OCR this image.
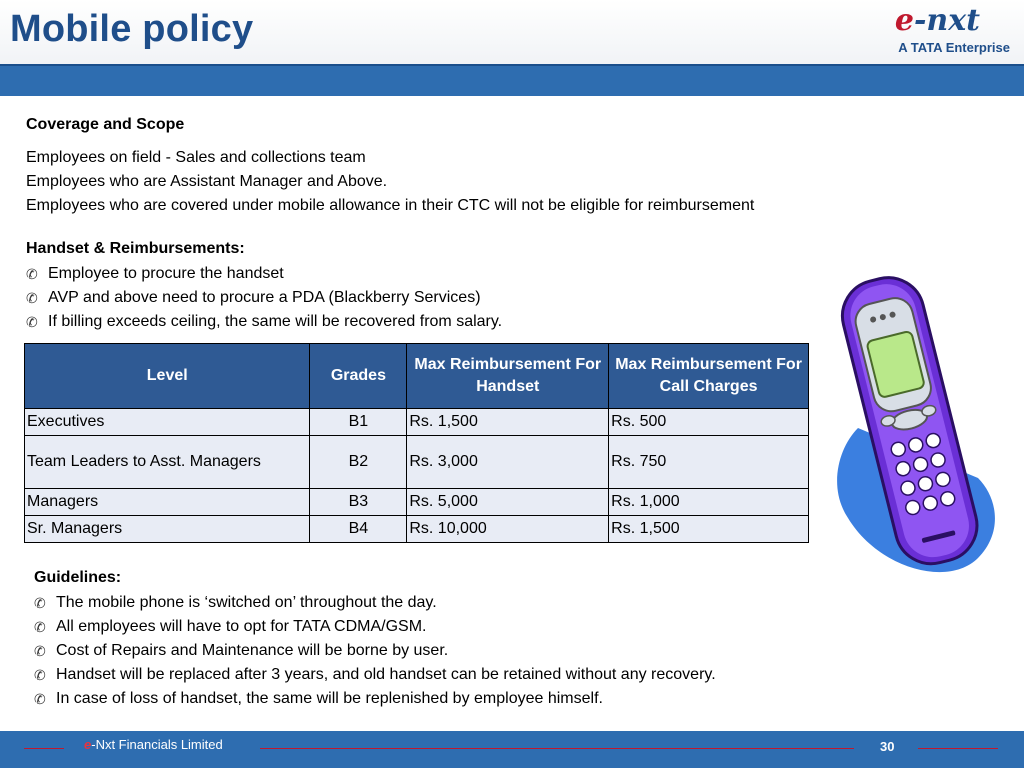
Mobile policy	e-nxt
A TATA Enterprise
Coverage and Scope
Employees on field - Sales and collections team
Employees who are Assistant Manager and Above.
Employees who are covered under mobile allowance in their CTC will not be eligible for reimbursement
Handset & Reimbursements:
✆ Employee to procure the handset
✆ AVP and above need to procure a PDA (Blackberry Services)
✆ If billing exceeds ceiling, the same will be recovered from salary.
Level	Grades	Max Reimbursement For Handset	Max Reimbursement For Call Charges
Executives	B1	Rs. 1,500	Rs. 500
Team Leaders to Asst. Managers	B2	Rs. 3,000	Rs. 750
Managers	B3	Rs. 5,000	Rs. 1,000
Sr. Managers	B4	Rs. 10,000	Rs. 1,500
Guidelines:
✆ The mobile phone is ‘switched on’ throughout the day.
✆ All employees will have to opt for TATA CDMA/GSM.
✆ Cost of Repairs and Maintenance will be borne by user.
✆ Handset will be replaced after 3 years, and old handset can be retained without any recovery.
✆ In case of loss of handset, the same will be replenished by employee himself.
e-Nxt Financials Limited	30
